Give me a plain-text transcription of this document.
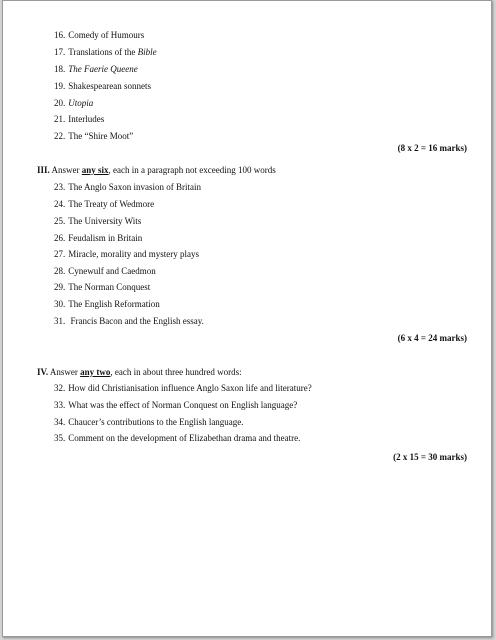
16. Comedy of Humours
17. Translations of the Bible
18. The Faerie Queene
19. Shakespearean sonnets
20. Utopia
21. Interludes
22. The “Shire Moot”
(8 x 2 = 16 marks)
III. Answer any six, each in a paragraph not exceeding 100 words
23. The Anglo Saxon invasion of Britain
24. The Treaty of Wedmore
25. The University Wits
26. Feudalism in Britain
27. Miracle, morality and mystery plays
28. Cynewulf and Caedmon
29. The Norman Conquest
30. The English Reformation
31. Francis Bacon and the English essay.
(6 x 4 = 24 marks)
IV. Answer any two, each in about three hundred words:
32. How did Christianisation influence Anglo Saxon life and literature?
33. What was the effect of Norman Conquest on English language?
34. Chaucer’s contributions to the English language.
35. Comment on the development of Elizabethan drama and theatre.
(2 x 15 = 30 marks)
